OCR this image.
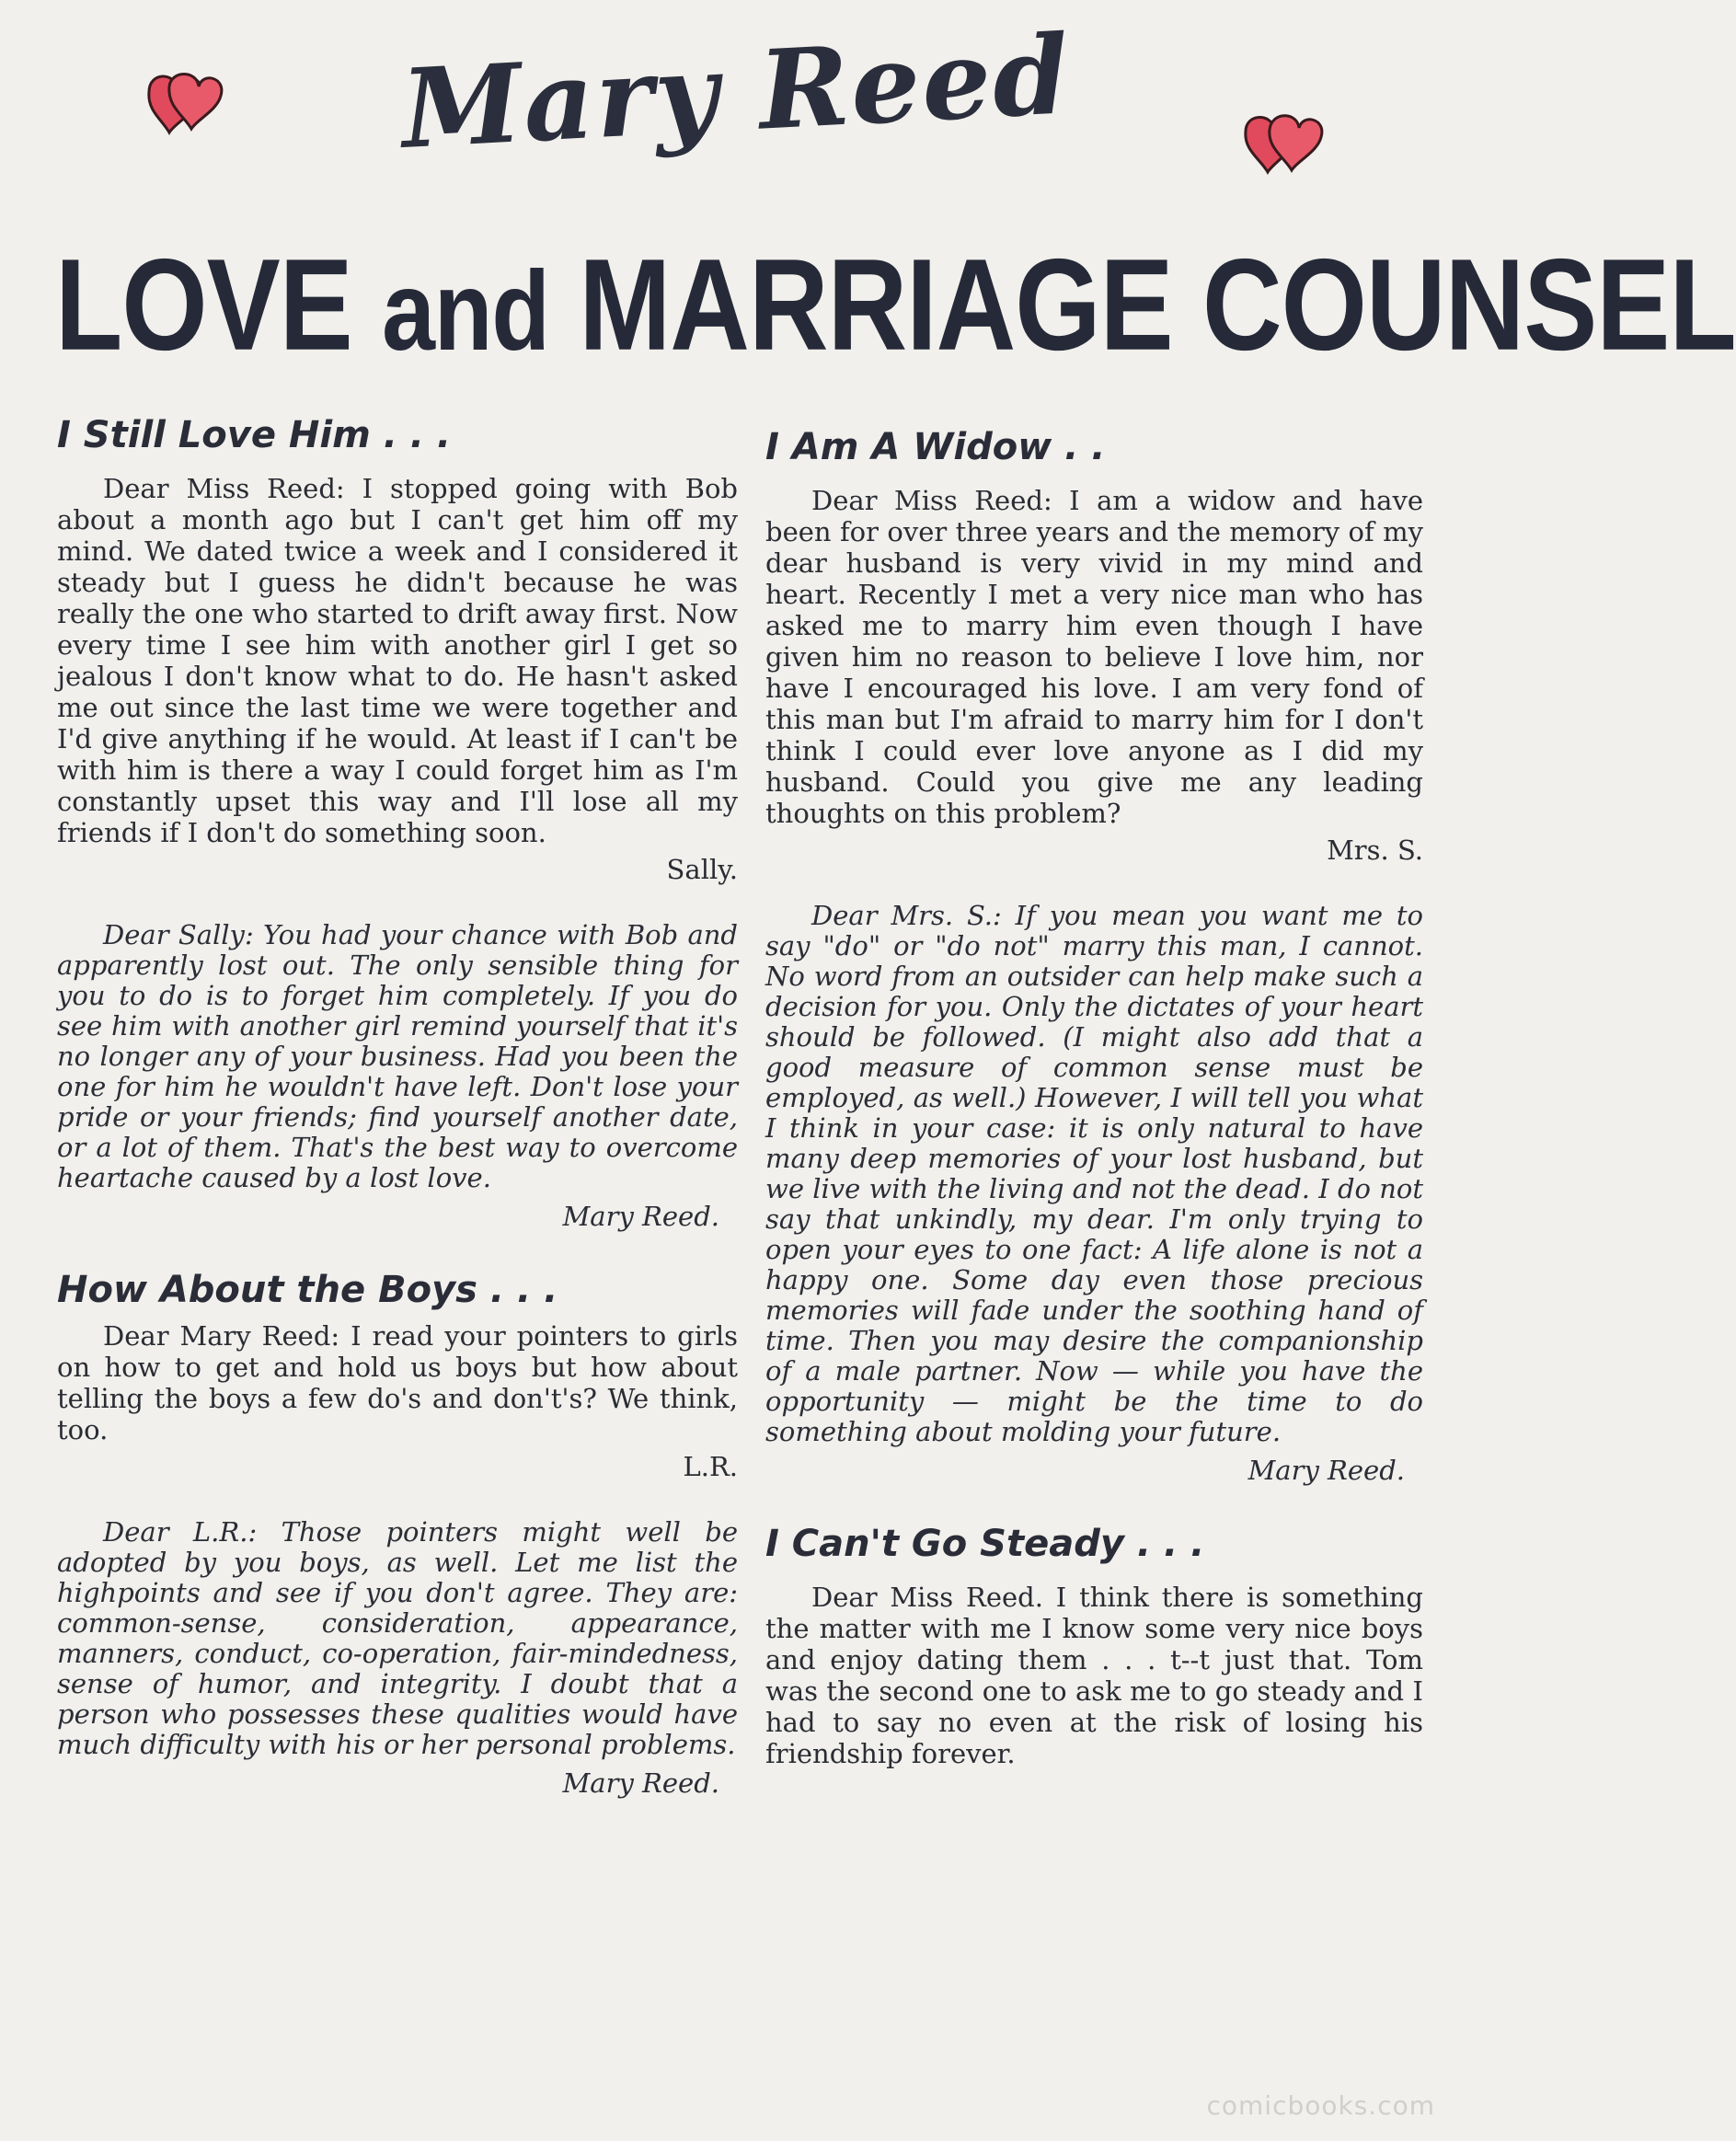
Mary Reed
LOVE and MARRIAGE COUNSEL
I Still Love Him . . .

Dear Miss Reed: I stopped going with Bob about a month ago but I can't get him off my mind. We dated twice a week and I considered it steady but I guess he didn't because he was really the one who started to drift away first. Now every time I see him with another girl I get so jealous I don't know what to do. He hasn't asked me out since the last time we were together and I'd give anything if he would. At least if I can't be with him is there a way I could forget him as I'm constantly upset this way and I'll lose all my friends if I don't do something soon.

Sally.

Dear Sally: You had your chance with Bob and apparently lost out. The only sensible thing for you to do is to forget him completely. If you do see him with another girl remind yourself that it's no longer any of your business. Had you been the one for him he wouldn't have left. Don't lose your pride or your friends; find yourself another date, or a lot of them. That's the best way to overcome heartache caused by a lost love.

Mary Reed.

How About the Boys . . .

Dear Mary Reed: I read your pointers to girls on how to get and hold us boys but how about telling the boys a few do's and don't's? We think, too.

L.R.

Dear L.R.: Those pointers might well be adopted by you boys, as well. Let me list the highpoints and see if you don't agree. They are: common-sense, consideration, appearance, manners, conduct, co-operation, fair-mindedness, sense of humor, and integrity. I doubt that a person who possesses these qualities would have much difficulty with his or her personal problems.

Mary Reed.

I Am A Widow . .

Dear Miss Reed: I am a widow and have been for over three years and the memory of my dear husband is very vivid in my mind and heart. Recently I met a very nice man who has asked me to marry him even though I have given him no reason to believe I love him, nor have I encouraged his love. I am very fond of this man but I'm afraid to marry him for I don't think I could ever love anyone as I did my husband. Could you give me any leading thoughts on this problem?

Mrs. S.

Dear Mrs. S.: If you mean you want me to say "do" or "do not" marry this man, I cannot. No word from an outsider can help make such a decision for you. Only the dictates of your heart should be followed. (I might also add that a good measure of common sense must be employed, as well.) However, I will tell you what I think in your case: it is only natural to have many deep memories of your lost husband, but we live with the living and not the dead. I do not say that unkindly, my dear. I'm only trying to open your eyes to one fact: A life alone is not a happy one. Some day even those precious memories will fade under the soothing hand of time. Then you may desire the companionship of a male partner. Now — while you have the opportunity — might be the time to do something about molding your future.

Mary Reed.

I Can't Go Steady . . .

Dear Miss Reed. I think there is something the matter with me I know some very nice boys and enjoy dating them . . . t--t just that. Tom was the second one to ask me to go steady and I had to say no even at the risk of losing his friendship forever.

comicbooks.com
